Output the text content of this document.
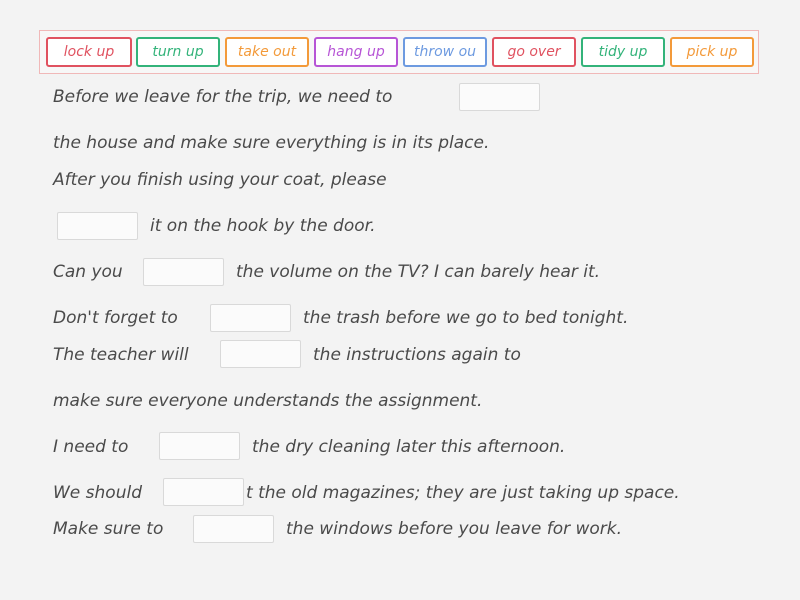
lock up	turn up	take out	hang up	throw ou	go over	tidy up	pick up
Before we leave for the trip, we need to
the house and make sure everything is in its place.
After you finish using your coat, please
it on the hook by the door.
Can you	the volume on the TV? I can barely hear it.
Don't forget to	the trash before we go to bed tonight.
The teacher will	the instructions again to
make sure everyone understands the assignment.
I need to	the dry cleaning later this afternoon.
We should	t the old magazines; they are just taking up space.
Make sure to	the windows before you leave for work.
